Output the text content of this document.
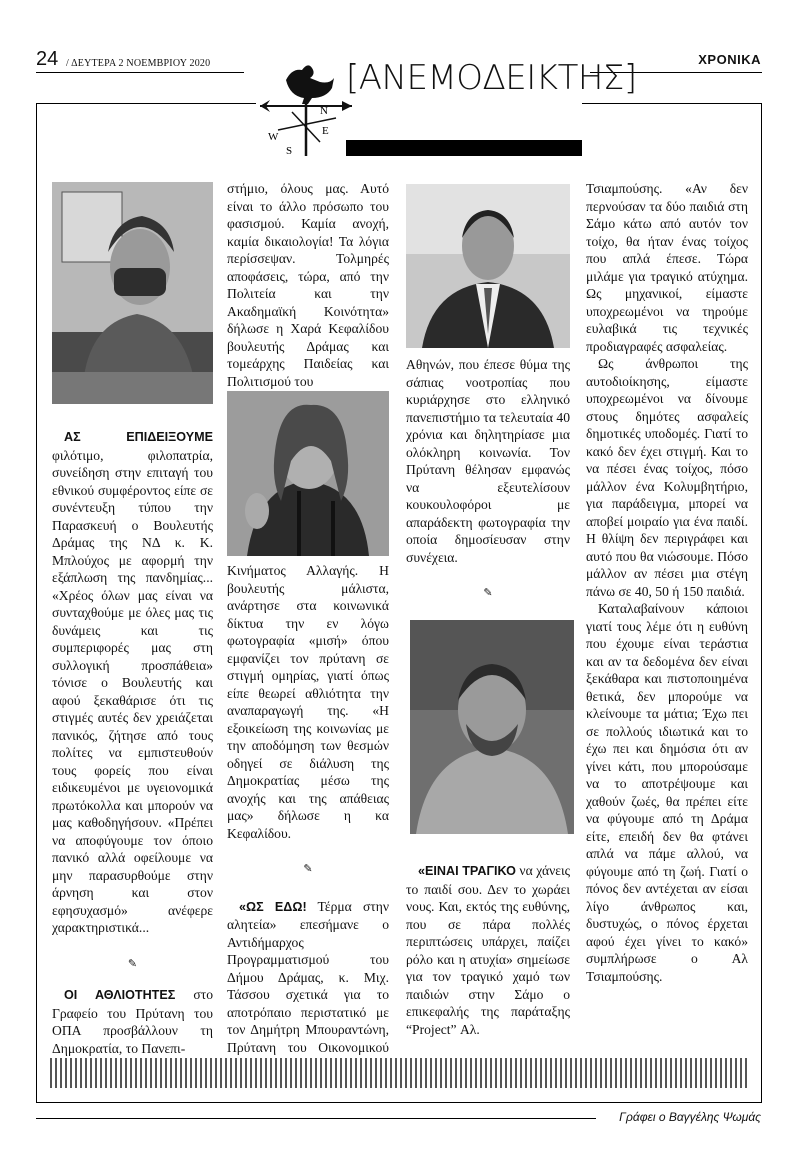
24 / ΔΕΥΤΕΡΑ 2 ΝΟΕΜΒΡΙΟΥ 2020	ΧΡΟΝΙΚΑ
N
W	E
S
[ΑΝΕΜΟΔΕΙΚΤΗΣ]

ΑΣ ΕΠΙΔΕΙΞΟΥΜΕ φιλότιμο, φιλοπατρία, συνείδηση στην επιταγή του εθνικού συμφέροντος είπε σε συνέντευξη τύπου την Παρασκευή ο Βουλευτής Δράμας της ΝΔ κ. Κ. Μπλούχος με αφορμή την εξάπλωση της πανδημίας... «Χρέος όλων μας είναι να συνταχθούμε με όλες μας τις δυνάμεις και τις συμπεριφορές μας στη συλλογική προσπάθεια» τόνισε ο Βουλευτής και αφού ξεκαθάρισε ότι τις στιγμές αυτές δεν χρειάζεται πανικός, ζήτησε από τους πολίτες να εμπιστευθούν τους φορείς που είναι ειδικευμένοι με υγειονομικά πρωτόκολλα και μπορούν να μας καθοδηγήσουν. «Πρέπει να αποφύγουμε τον όποιο πανικό αλλά οφείλουμε να μην παρασυρθούμε στην άρνηση και στον εφησυχασμό» ανέφερε χαρακτηριστικά...

✎

ΟΙ ΑΘΛΙΟΤΗΤΕΣ στο Γραφείο του Πρύτανη του ΟΠΑ προσβάλλουν τη Δημοκρατία, το Πανεπι-

στήμιο, όλους μας. Αυτό είναι το άλλο πρόσωπο του φασισμού. Καμία ανοχή, καμία δικαιολογία! Τα λόγια περίσσεψαν. Τολμηρές αποφάσεις, τώρα, από την Πολιτεία και την Ακαδημαϊκή Κοινότητα» δήλωσε η Χαρά Κεφαλίδου βουλευτής Δράμας και τομεάρχης Παιδείας και Πολιτισμού του

Κινήματος Αλλαγής. Η βουλευτής μάλιστα, ανάρτησε στα κοινωνικά δίκτυα την εν λόγω φωτογραφία «μισή» όπου εμφανίζει τον πρύτανη σε στιγμή ομηρίας, γιατί όπως είπε θεωρεί αθλιότητα την αναπαραγωγή της. «Η εξοικείωση της κοινωνίας με την αποδόμηση των θεσμών οδηγεί σε διάλυση της Δημοκρατίας μέσω της ανοχής και της απάθειας μας» δήλωσε η κα Κεφαλίδου.

✎

«ΩΣ ΕΔΩ! Τέρμα στην αλητεία» επεσήμανε ο Αντιδήμαρχος Προγραμματισμού του Δήμου Δράμας, κ. Μιχ. Τάσσου σχετικά για το αποτρόπαιο περιστατικό με τον Δημήτρη Μπουραντώνη, Πρύτανη του Οικονομικού

Αθηνών, που έπεσε θύμα της σάπιας νοοτροπίας που κυριάρχησε στο ελληνικό πανεπιστήμιο τα τελευταία 40 χρόνια και δηλητηρίασε μια ολόκληρη κοινωνία. Τον Πρύτανη θέλησαν εμφανώς να εξευτελίσουν κουκουλοφόροι με απαράδεκτη φωτογραφία την οποία δημοσίευσαν στην συνέχεια.

✎

«ΕΙΝΑΙ ΤΡΑΓΙΚΟ να χάνεις το παιδί σου. Δεν το χωράει νους. Και, εκτός της ευθύνης, που σε πάρα πολλές περιπτώσεις υπάρχει, παίζει ρόλο και η ατυχία» σημείωσε για τον τραγικό χαμό των παιδιών στην Σάμο ο επικεφαλής της παράταξης “Project” Αλ.

Τσιαμπούσης. «Αν δεν περνούσαν τα δύο παιδιά στη Σάμο κάτω από αυτόν τον τοίχο, θα ήταν ένας τοίχος που απλά έπεσε. Τώρα μιλάμε για τραγικό ατύχημα. Ως μηχανικοί, είμαστε υποχρεωμένοι να τηρούμε ευλαβικά τις τεχνικές προδιαγραφές ασφαλείας.

Ως άνθρωποι της αυτοδιοίκησης, είμαστε υποχρεωμένοι να δίνουμε στους δημότες ασφαλείς δημοτικές υποδομές. Γιατί το κακό δεν έχει στιγμή. Και το να πέσει ένας τοίχος, πόσο μάλλον ένα Κολυμβητήριο, για παράδειγμα, μπορεί να αποβεί μοιραίο για ένα παιδί. Η θλίψη δεν περιγράφει και αυτό που θα νιώσουμε. Πόσο μάλλον αν πέσει μια στέγη πάνω σε 40, 50 ή 150 παιδιά.

Καταλαβαίνουν κάποιοι γιατί τους λέμε ότι η ευθύνη που έχουμε είναι τεράστια και αν τα δεδομένα δεν είναι ξεκάθαρα και πιστοποιημένα θετικά, δεν μπορούμε να κλείνουμε τα μάτια; Έχω πει σε πολλούς ιδιωτικά και το έχω πει και δημόσια ότι αν γίνει κάτι, που μπορούσαμε να το αποτρέψουμε και χαθούν ζωές, θα πρέπει είτε να φύγουμε από τη Δράμα είτε, επειδή δεν θα φτάνει απλά να πάμε αλλού, να φύγουμε από τη ζωή. Γιατί ο πόνος δεν αντέχεται αν είσαι λίγο άνθρωπος και, δυστυχώς, ο πόνος έρχεται αφού έχει γίνει το κακό» συμπλήρωσε ο Αλ Τσιαμπούσης.

Γράφει ο Βαγγέλης Ψωμάς
